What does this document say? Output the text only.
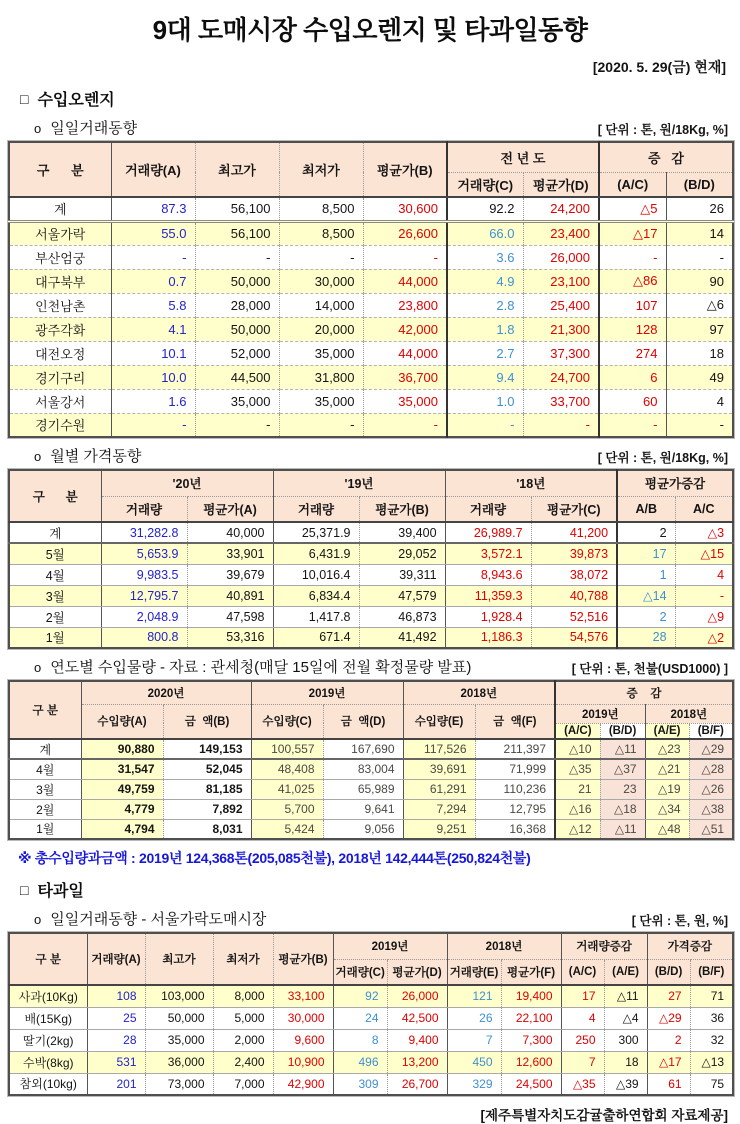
9대 도매시장 수입오렌지 및 타과일동향
[2020. 5. 29(금) 현재]
□ 수입오렌지
o 일일거래동향	[ 단위 : 톤, 원/18Kg, %]
구      분	거래량(A)	최고가	최저가	평균가(B)	전 년 도		증   감	
					거래량(C)	평균가(D)	(A/C)	(B/D)
계	87.3	56,100	8,500	30,600	92.2	24,200	△5	26
서울가락	55.0	56,100	8,500	26,600	66.0	23,400	△17	14
부산엄궁	-	-	-	-	3.6	26,000	-	-
대구북부	0.7	50,000	30,000	44,000	4.9	23,100	△86	90
인천남촌	5.8	28,000	14,000	23,800	2.8	25,400	107	△6
광주각화	4.1	50,000	20,000	42,000	1.8	21,300	128	97
대전오정	10.1	52,000	35,000	44,000	2.7	37,300	274	18
경기구리	10.0	44,500	31,800	36,700	9.4	24,700	6	49
서울강서	1.6	35,000	35,000	35,000	1.0	33,700	60	4
경기수원	-	-	-	-	-	-	-	-
o 월별 가격동향	[ 단위 : 톤, 원/18Kg, %]
구      분	'20년		'19년		'18년		평균가증감	
	거래량	평균가(A)	거래량	평균가(B)	거래량	평균가(C)	A/B	A/C
계	31,282.8	40,000	25,371.9	39,400	26,989.7	41,200	2	△3
5월	5,653.9	33,901	6,431.9	29,052	3,572.1	39,873	17	△15
4월	9,983.5	39,679	10,016.4	39,311	8,943.6	38,072	1	4
3월	12,795.7	40,891	6,834.4	47,579	11,359.3	40,788	△14	-
2월	2,048.9	47,598	1,417.8	46,873	1,928.4	52,516	2	△9
1월	800.8	53,316	671.4	41,492	1,186.3	54,576	28	△2
o 연도별 수입물량 - 자료 : 관세청(매달 15일에 전월 확정물량 발표)	[ 단위 : 톤, 천불(USD1000) ]
구 분	2020년		2019년		2018년		증    감			
	수입량(A)	금  액(B)	수입량(C)	금  액(D)	수입량(E)	금  액(F)	2019년		2018년	
							(A/C)	(B/D)	(A/E)	(B/F)
계	90,880	149,153	100,557	167,690	117,526	211,397	△10	△11	△23	△29
4월	31,547	52,045	48,408	83,004	39,691	71,999	△35	△37	△21	△28
3월	49,759	81,185	41,025	65,989	61,291	110,236	21	23	△19	△26
2월	4,779	7,892	5,700	9,641	7,294	12,795	△16	△18	△34	△38
1월	4,794	8,031	5,424	9,056	9,251	16,368	△12	△11	△48	△51
※ 총수입량과금액 : 2019년 124,368톤(205,085천불), 2018년 142,444톤(250,824천불)
□ 타과일
o 일일거래동향 - 서울가락도매시장	[ 단위 : 톤, 원, %]
구 분	거래량(A)	최고가	최저가	평균가(B)	2019년		2018년		거래량증감		가격증감	
					거래량(C)	평균가(D)	거래량(E)	평균가(F)	(A/C)	(A/E)	(B/D)	(B/F)
사과(10Kg)	108	103,000	8,000	33,100	92	26,000	121	19,400	17	△11	27	71
배(15Kg)	25	50,000	5,000	30,000	24	42,500	26	22,100	4	△4	△29	36
딸기(2kg)	28	35,000	2,000	9,600	8	9,400	7	7,300	250	300	2	32
수박(8kg)	531	36,000	2,400	10,900	496	13,200	450	12,600	7	18	△17	△13
참외(10kg)	201	73,000	7,000	42,900	309	26,700	329	24,500	△35	△39	61	75
[제주특별자치도감귤출하연합회 자료제공]
